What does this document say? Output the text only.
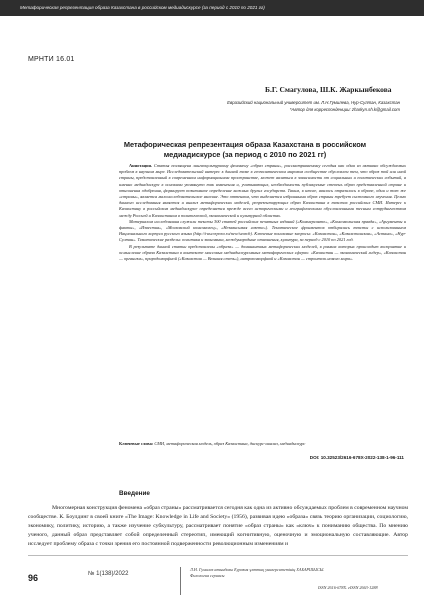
Метафорическая репрезентация образа Казахстана в российском медиадискурсе (за период с 2010 по 2021 гг)
МРНТИ 16.01
Б.Г. Смагулова, Ш.К. Жаркынбекова
Евразийский национальный университет им. Л.Н.Гумилева, Нур-Султан, Казахстан
*Автор для корреспонденции: zharkyn.sh.k@gmail.com
Метафорическая репрезентация образа Казахстана в российском медиадискурсе (за период с 2010 по 2021 гг)

Аннотация. Статья посвящена лингвокультурному феномену «образ страны», рассматриваемому сегодня как одна из активно обсуждаемых проблем в научном мире. Исследовательский интерес к данной теме в геополитическом мировом сообществе обусловлен тем, что образ той или иной страны, представленный в современном информационном пространстве, может являться в зависимости от социальных и политических событий, а именно медиадискурс в основном упомянуто так изменения и, учитывающих, необходимость публикуемые степень образ представленной стране и отношения одобрения, формирует позитивное определение важных других государств. Таким, в итоге, явилось отразилось в образе, один и тот же «страны», является малоисследовательское явление. Это оттенком, что выделяется избранными образ страны требует системного изучения. Целью данного исследования является и анализ метафорических моделей, репрезентирующих образ Казахстана в текстах российских СМИ. Интерес к Казахстану в российском медиадискурсе определяется прежде всего историческими и географическими обусловленными тесным сотрудничеством между Россией и Казахстаном в политической, экономической и культурной областях.

Материалом исследования служили тексты 300 статей российских печатных изданий («Коммерсантъ», «Комсомольская правда», «Аргументы и факты», «Известия», «Московский комсомолец», «Независимая газета»). Тематическое фрагментов отбирались тексты с использованием Национального корпуса русского языка (http://ruscorpora.ru/new/search). Ключевые поисковые запросы: «Казахстан», «Казахстанская», «Астана», «Нур-Султан». Тематические разделы: политика и экономика, международные отношения, культура, за период с 2010 по 2021 год.

В результате данной статьи представлены «образа» — доминантных метафорических моделей, в рамках которых происходит восприятие и осмысление образа Казахстана в контексте массовых медиадискурсивных метафорических сферах: «Казахстан — экономический лидер», «Казахстан — организм», природоморфной («Казахстан — Великая степь»), антропоморфной и «Казахстан — строитель нового мира».

Ключевые слова: СМИ, метафорическая модель, образ Казахстана, дискурс-анализ, медиадискурс
DOI: 10.32523/2616-678X-2022-138-1-96-111
Введение

Многомерная конструкция феномена «образ страны» рассматривается сегодня как одна из активно обсуждаемых проблем в современном научном сообществе. К. Боулдинг в своей книге «The Image: Knowledge in Life and Society» (1956), развивая идею «образа» связь теорию организации, социологию, экономику, политику, историю, а также изучение субкультуру, рассматривает понятие «образ страны» как «ключ» к пониманию общества. По мнению ученого, данный образ представляет собой определенный стереотип, имеющий когнитивную, оценочную и эмоциональную составляющие. Автор исследует проблему образа с точки зрения его постоянной подверженности революционным изменениям и

96	№ 1(138)/2022
Л.Н. Гумилев атындағы Еуразия ұлттық университетінің ХАБАРШЫСЫ.
Филология сериясы
ISSN 2616-678X. eISSN 2663-1288
